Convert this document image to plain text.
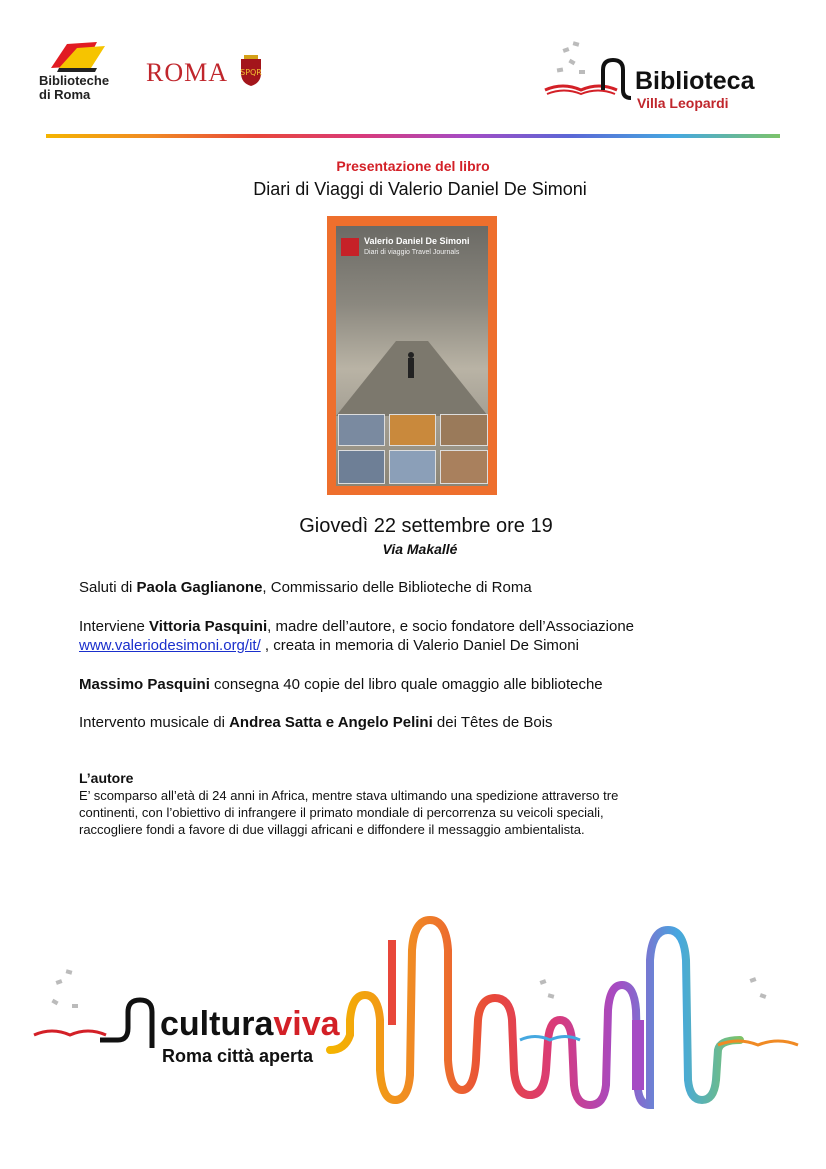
Biblioteche
di Roma
ROMA SPQR	Biblioteca
Villa Leopardi
Presentazione del libro
Diari di Viaggi di Valerio Daniel De Simoni
Valerio Daniel De Simoni
Diari di viaggio Travel Journals
Giovedì 22 settembre ore 19
Via Makallé
Saluti di Paola Gaglianone, Commissario delle Biblioteche di Roma
Interviene Vittoria Pasquini, madre dell’autore, e socio fondatore dell’Associazione
www.valeriodesimoni.org/it/ , creata in memoria di Valerio Daniel De Simoni
Massimo Pasquini consegna 40 copie del libro quale omaggio alle biblioteche
Intervento musicale di Andrea Satta e Angelo Pelini dei Têtes de Bois
L’autore
E’ scomparso all’età di 24 anni in Africa, mentre stava ultimando una spedizione attraverso tre
continenti, con l’obiettivo di infrangere il primato mondiale di percorrenza su veicoli speciali,
raccogliere fondi a favore di due villaggi africani e diffondere il messaggio ambientalista.
culturaviva
Roma città aperta
